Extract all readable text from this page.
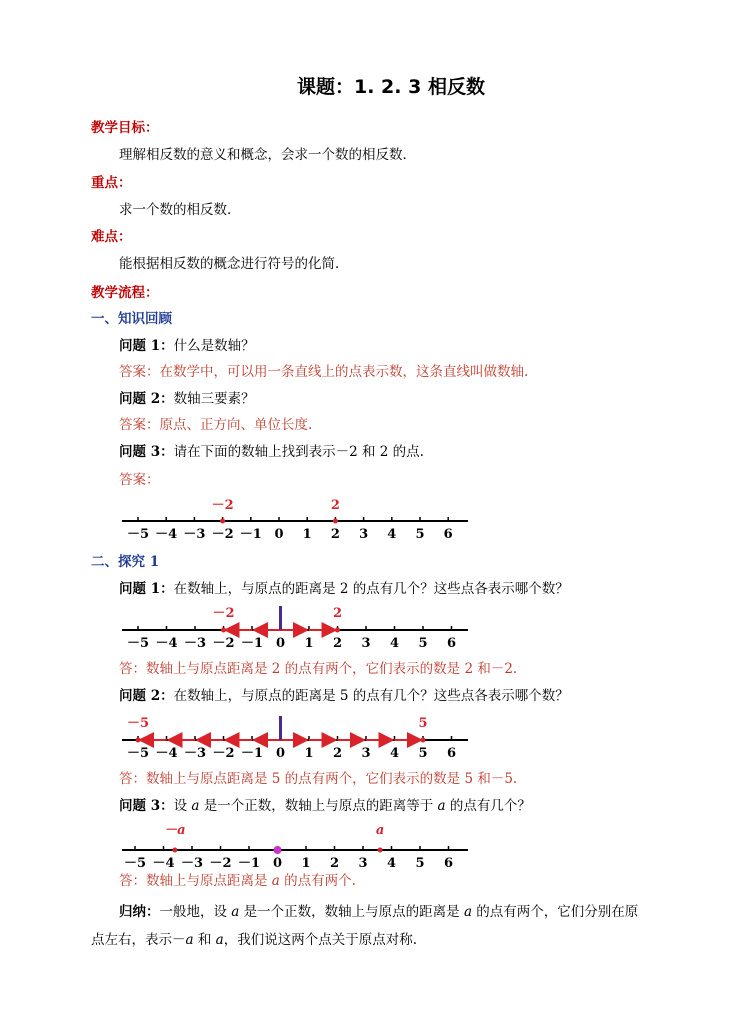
课题：1. 2. 3 相反数
教学目标：
理解相反数的意义和概念，会求一个数的相反数．
重点：
求一个数的相反数．
难点：
能根据相反数的概念进行符号的化简．
教学流程：
一、知识回顾
问题 1：什么是数轴？
答案：在数学中，可以用一条直线上的点表示数，这条直线叫做数轴.
问题 2：数轴三要素？
答案：原点、正方向、单位长度.
问题 3：请在下面的数轴上找到表示－2 和 2 的点.
答案：
二、探究 1
问题 1：在数轴上，与原点的距离是 2 的点有几个？这些点各表示哪个数？
答：数轴上与原点距离是 2 的点有两个，它们表示的数是 2 和－2.
问题 2：在数轴上，与原点的距离是 5 的点有几个？这些点各表示哪个数？
答：数轴上与原点距离是 5 的点有两个，它们表示的数是 5 和－5.
问题 3：设 a 是一个正数，数轴上与原点的距离等于 a 的点有几个？
答：数轴上与原点距离是 a 的点有两个.
归纳：一般地，设 a 是一个正数，数轴上与原点的距离是 a 的点有两个，它们分别在原
点左右，表示－a 和 a，我们说这两个点关于原点对称.
－5 －4 －3 －2 －1 0 1 2 3 4 5 6
－2	2
－5 －4 －3 －2 －1 0 1 2 3 4 5 6
－2	2
－5 －4 －3 －2 －1 0 1 2 3 4 5 6
－5	5
－5 －4 －3 －2 －1 0 1 2 3 4 5 6
－a	a
